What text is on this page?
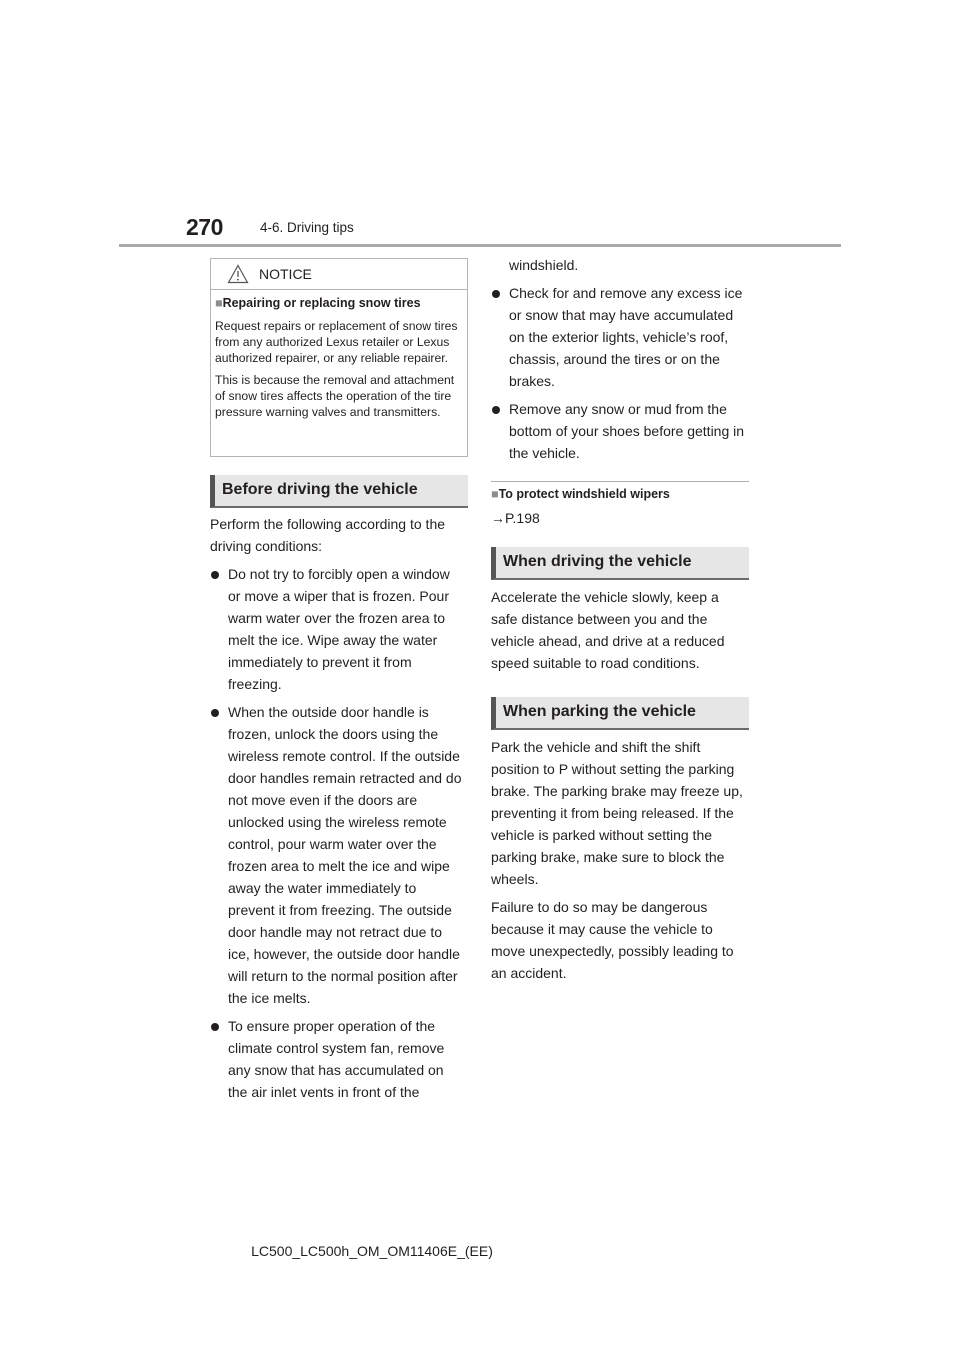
270	4-6. Driving tips
NOTICE
■Repairing or replacing snow tires

Request repairs or replacement of snow tires from any authorized Lexus retailer or Lexus authorized repairer, or any reliable repairer.

This is because the removal and attachment of snow tires affects the operation of the tire pressure warning valves and transmitters.

Before driving the vehicle

Perform the following according to the driving conditions:

Do not try to forcibly open a window or move a wiper that is frozen. Pour warm water over the frozen area to melt the ice. Wipe away the water immediately to prevent it from freezing.
When the outside door handle is frozen, unlock the doors using the wireless remote control. If the outside door handles remain retracted and do not move even if the doors are unlocked using the wireless remote control, pour warm water over the frozen area to melt the ice and wipe away the water immediately to prevent it from freezing. The outside door handle may not retract due to ice, however, the outside door handle will return to the normal position after the ice melts.
To ensure proper operation of the climate control system fan, remove any snow that has accumulated on the air inlet vents in front of the
windshield.
Check for and remove any excess ice or snow that may have accumulated on the exterior lights, vehicle’s roof, chassis, around the tires or on the brakes.
Remove any snow or mud from the bottom of your shoes before getting in the vehicle.
■To protect windshield wipers
→P.198
When driving the vehicle

Accelerate the vehicle slowly, keep a safe distance between you and the vehicle ahead, and drive at a reduced speed suitable to road conditions.

When parking the vehicle

Park the vehicle and shift the shift position to P without setting the parking brake. The parking brake may freeze up, preventing it from being released. If the vehicle is parked without setting the parking brake, make sure to block the wheels.

Failure to do so may be dangerous because it may cause the vehicle to move unexpectedly, possibly leading to an accident.

LC500_LC500h_OM_OM11406E_(EE)
